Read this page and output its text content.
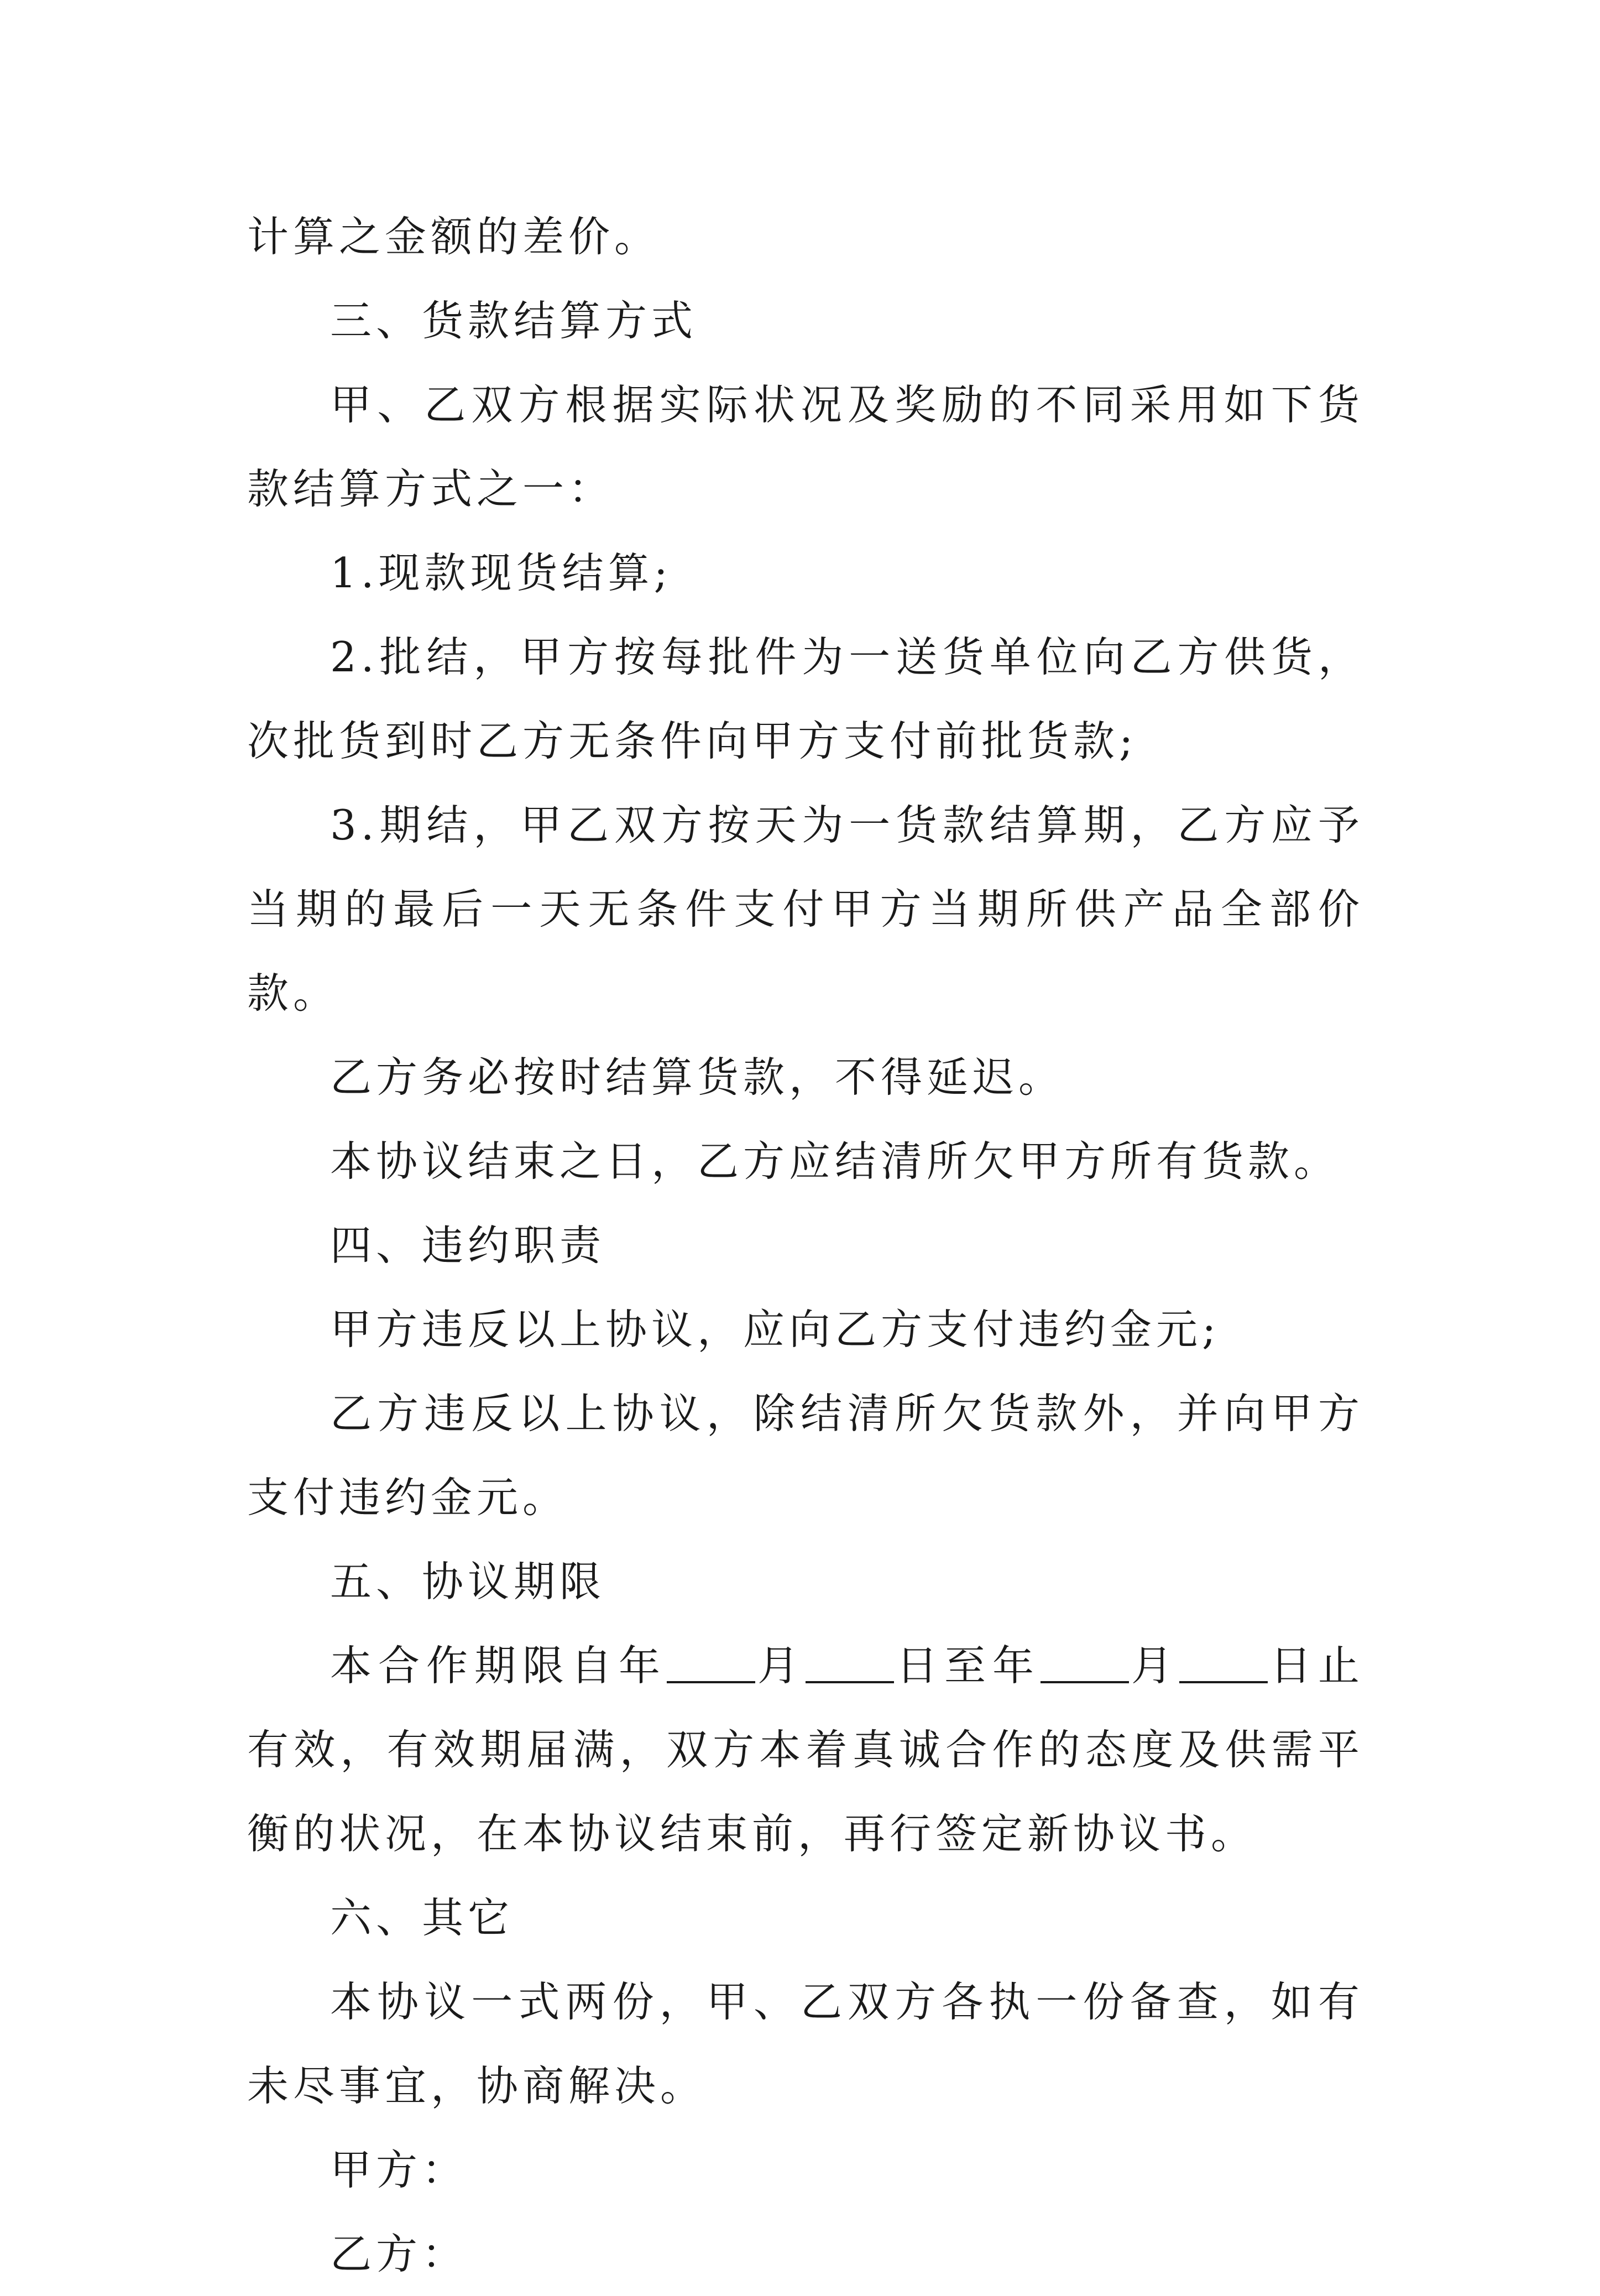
计算之金额的差价。

三、货款结算方式

甲、乙双方根据实际状况及奖励的不同采用如下货款结算方式之一：

1.现款现货结算;

2.批结，甲方按每批件为一送货单位向乙方供货，次批货到时乙方无条件向甲方支付前批货款;

3.期结，甲乙双方按天为一货款结算期，乙方应予当期的最后一天无条件支付甲方当期所供产品全部价款。

乙方务必按时结算货款，不得延迟。

本协议结束之日，乙方应结清所欠甲方所有货款。

四、违约职责

甲方违反以上协议，应向乙方支付违约金元;

乙方违反以上协议，除结清所欠货款外，并向甲方支付违约金元。

五、协议期限

本合作期限自年 月 日至年 月 日止有效，有效期届满，双方本着真诚合作的态度及供需平衡的状况，在本协议结束前，再行签定新协议书。

六、其它

本协议一式两份，甲、乙双方各执一份备查，如有未尽事宜，协商解决。

甲方：

乙方：
